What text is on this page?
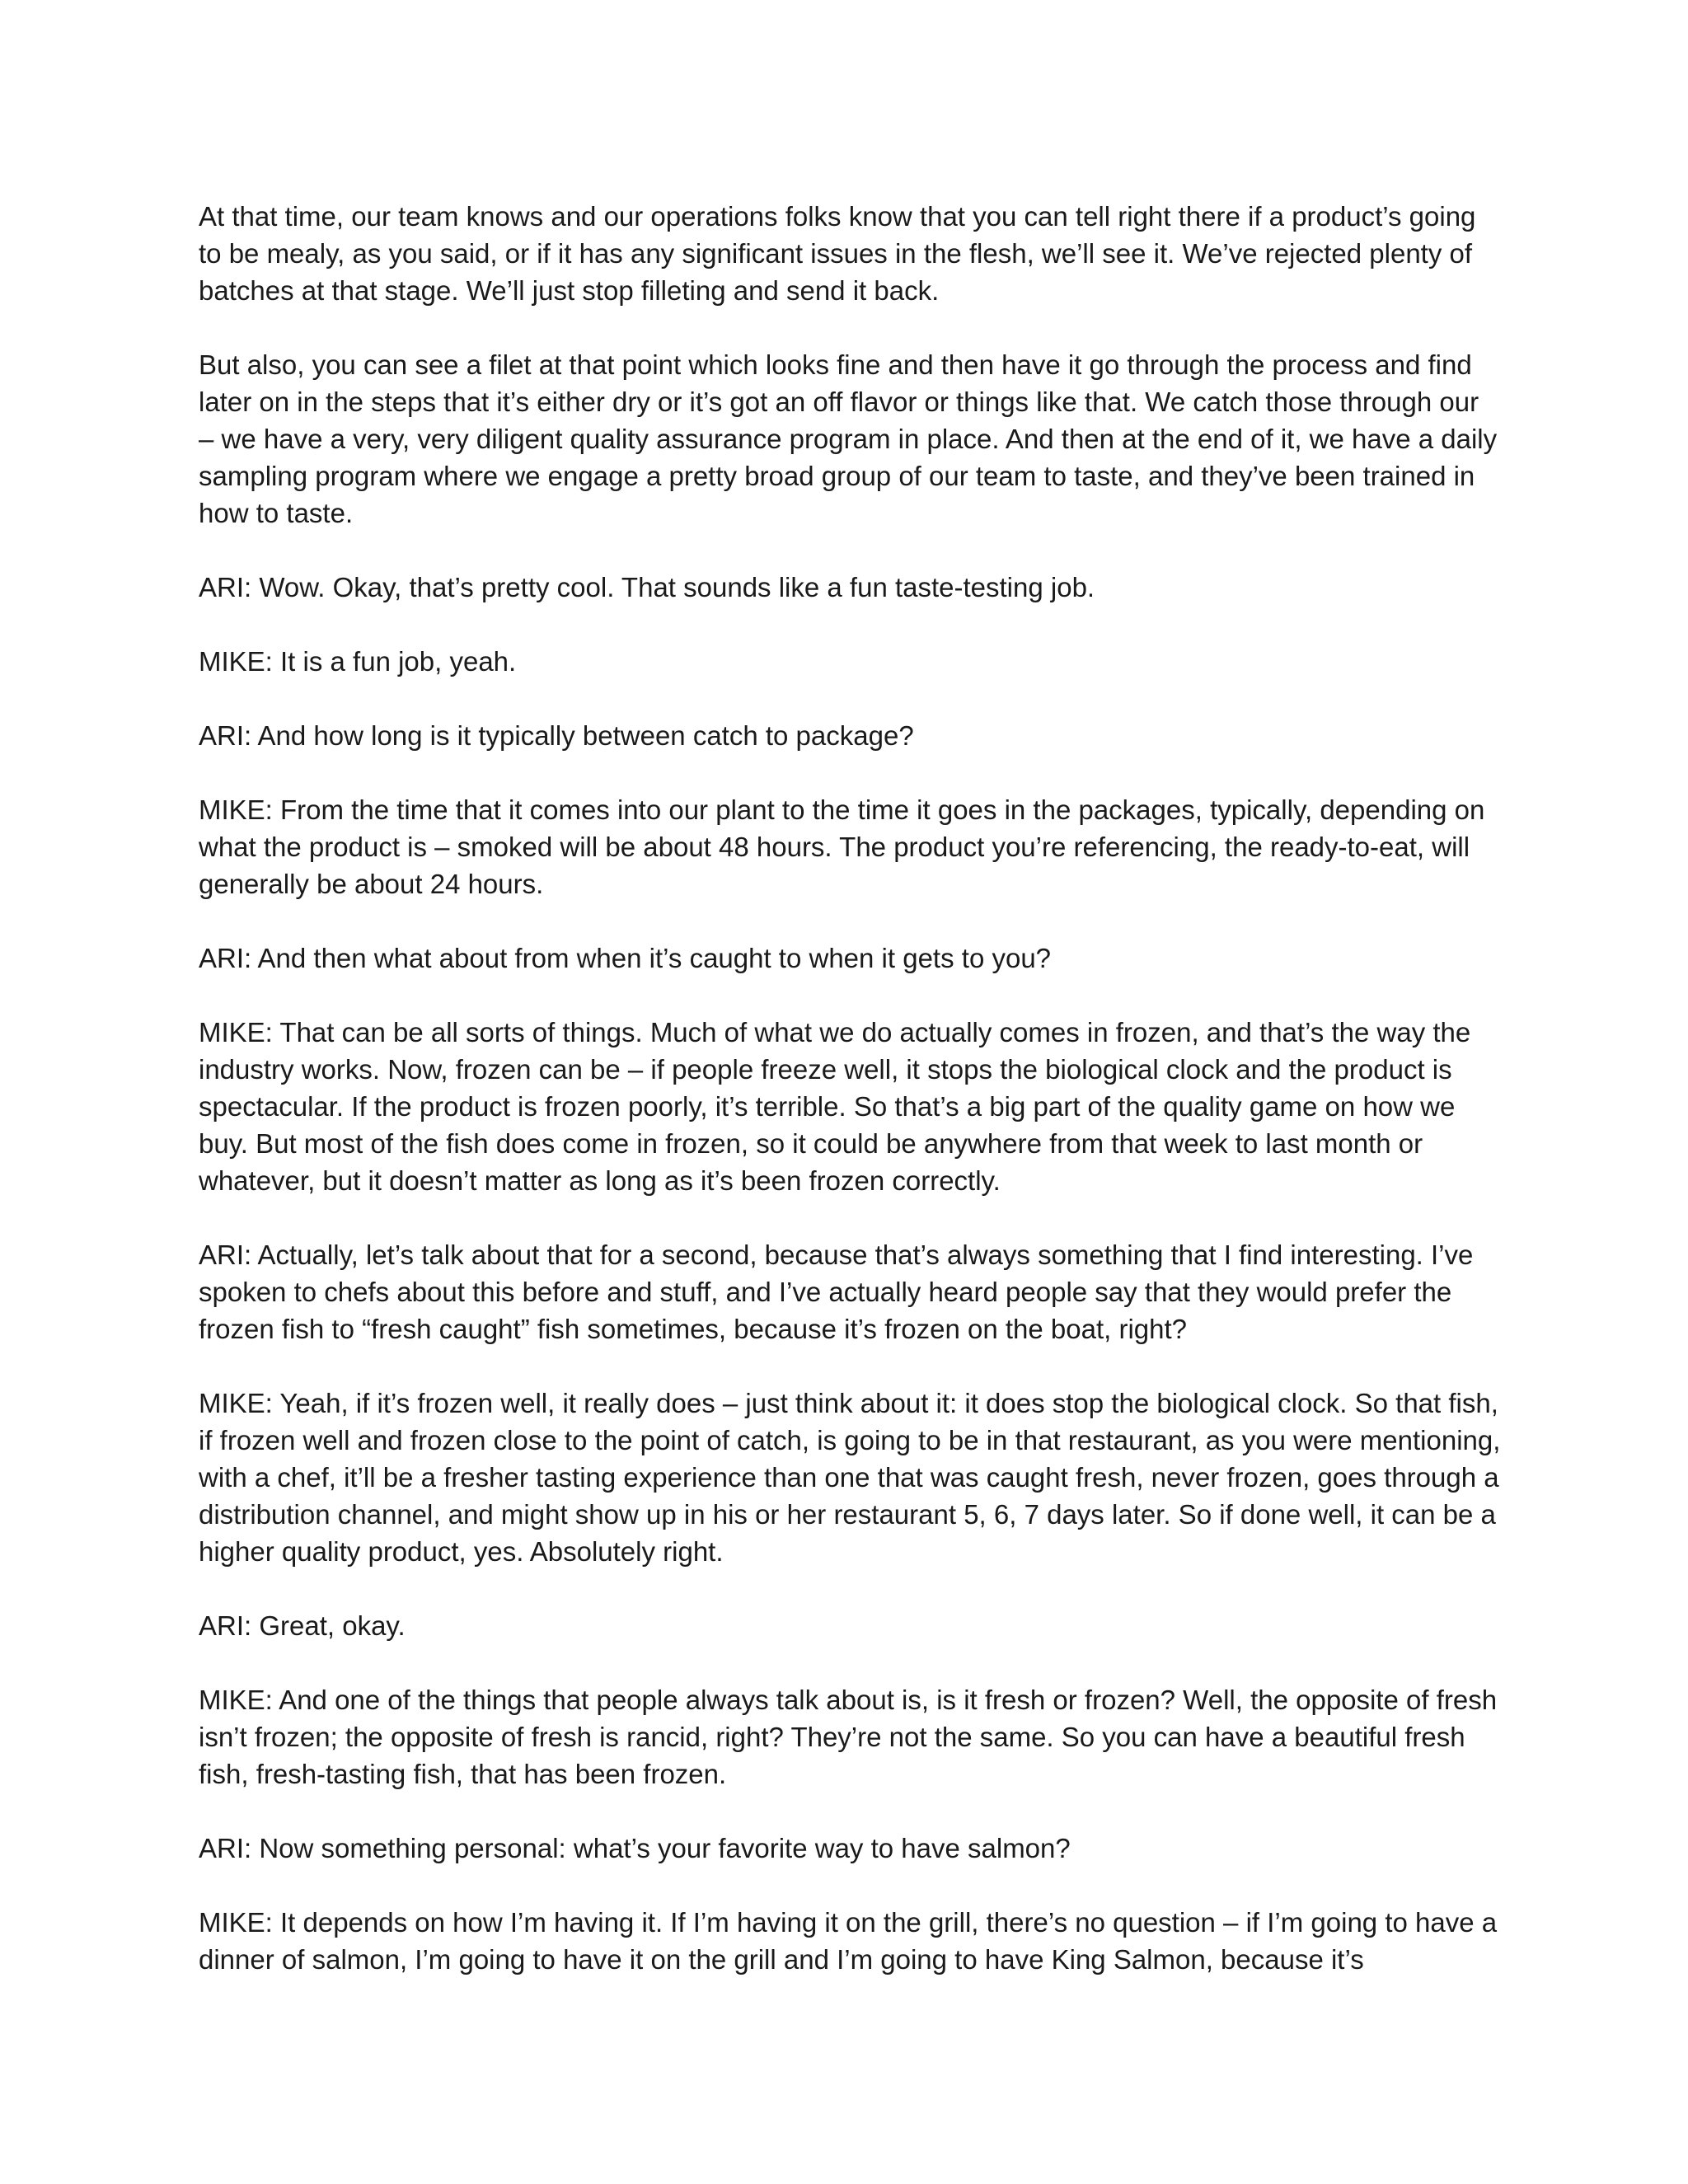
At that time, our team knows and our operations folks know that you can tell right there if a product’s going to be mealy, as you said, or if it has any significant issues in the flesh, we’ll see it. We’ve rejected plenty of batches at that stage. We’ll just stop filleting and send it back.

But also, you can see a filet at that point which looks fine and then have it go through the process and find later on in the steps that it’s either dry or it’s got an off flavor or things like that. We catch those through our – we have a very, very diligent quality assurance program in place. And then at the end of it, we have a daily sampling program where we engage a pretty broad group of our team to taste, and they’ve been trained in how to taste.

ARI: Wow. Okay, that’s pretty cool. That sounds like a fun taste-testing job.

MIKE: It is a fun job, yeah.

ARI: And how long is it typically between catch to package?

MIKE: From the time that it comes into our plant to the time it goes in the packages, typically, depending on what the product is – smoked will be about 48 hours. The product you’re referencing, the ready-to-eat, will generally be about 24 hours.

ARI: And then what about from when it’s caught to when it gets to you?

MIKE: That can be all sorts of things. Much of what we do actually comes in frozen, and that’s the way the industry works. Now, frozen can be – if people freeze well, it stops the biological clock and the product is spectacular. If the product is frozen poorly, it’s terrible. So that’s a big part of the quality game on how we buy. But most of the fish does come in frozen, so it could be anywhere from that week to last month or whatever, but it doesn’t matter as long as it’s been frozen correctly.

ARI: Actually, let’s talk about that for a second, because that’s always something that I find interesting. I’ve spoken to chefs about this before and stuff, and I’ve actually heard people say that they would prefer the frozen fish to “fresh caught” fish sometimes, because it’s frozen on the boat, right?

MIKE: Yeah, if it’s frozen well, it really does – just think about it: it does stop the biological clock. So that fish, if frozen well and frozen close to the point of catch, is going to be in that restaurant, as you were mentioning, with a chef, it’ll be a fresher tasting experience than one that was caught fresh, never frozen, goes through a distribution channel, and might show up in his or her restaurant 5, 6, 7 days later. So if done well, it can be a higher quality product, yes. Absolutely right.

ARI: Great, okay.

MIKE: And one of the things that people always talk about is, is it fresh or frozen? Well, the opposite of fresh isn’t frozen; the opposite of fresh is rancid, right? They’re not the same. So you can have a beautiful fresh fish, fresh-tasting fish, that has been frozen.

ARI: Now something personal: what’s your favorite way to have salmon?

MIKE: It depends on how I’m having it. If I’m having it on the grill, there’s no question – if I’m going to have a dinner of salmon, I’m going to have it on the grill and I’m going to have King Salmon, because it’s
